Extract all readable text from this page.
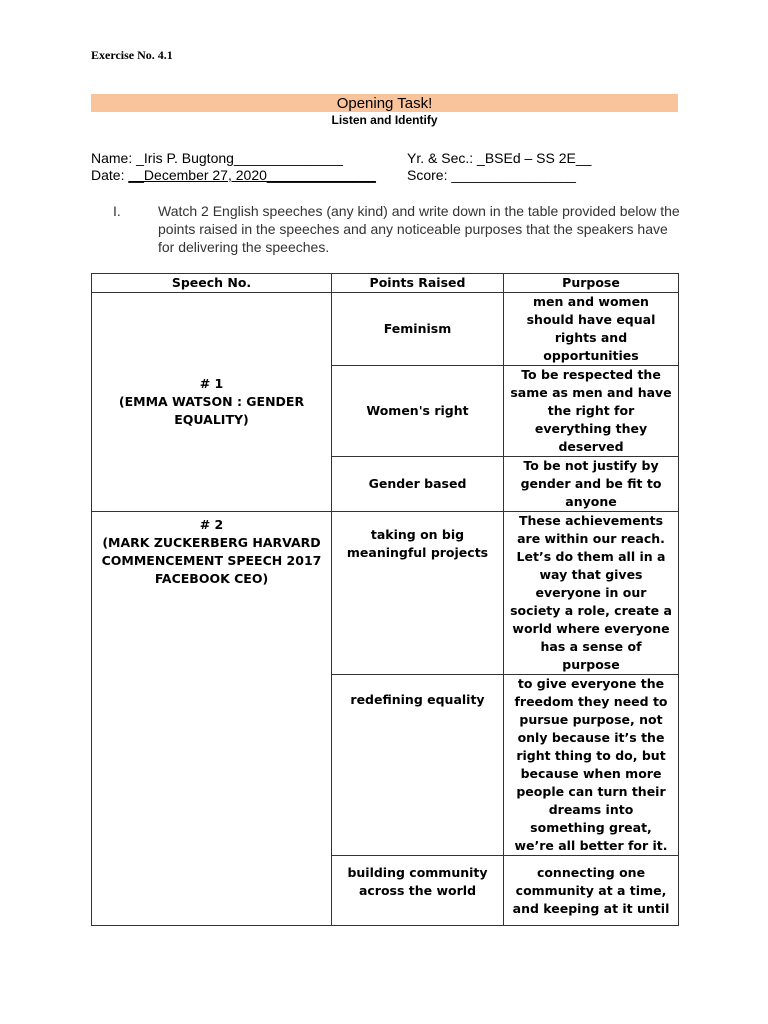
Exercise No. 4.1
Opening Task!
Listen and Identify
Name: _Iris P. Bugtong______________	Yr. & Sec.: _BSEd – SS 2E__
Date: __December 27, 2020______________ Score: ________________
I.	Watch 2 English speeches (any kind) and write down in the table provided below the points raised in the speeches and any noticeable purposes that the speakers have for delivering the speeches.
Speech No.	Points Raised	Purpose

# 1
(EMMA WATSON : GENDER EQUALITY)	Feminism	men and women should have equal rights and opportunities
	Women's right	To be respected the same as men and have the right for everything they deserved
	Gender based	To be not justify by gender and be fit to anyone

# 2
(MARK ZUCKERBERG HARVARD COMMENCEMENT SPEECH 2017 FACEBOOK CEO)	taking on big meaningful projects	These achievements are within our reach. Let’s do them all in a way that gives everyone in our society a role, create a world where everyone has a sense of purpose
	redefining equality	to give everyone the freedom they need to pursue purpose, not only because it’s the right thing to do, but because when more people can turn their dreams into something great, we’re all better for it.
	building community across the world	connecting one community at a time, and keeping at it until
